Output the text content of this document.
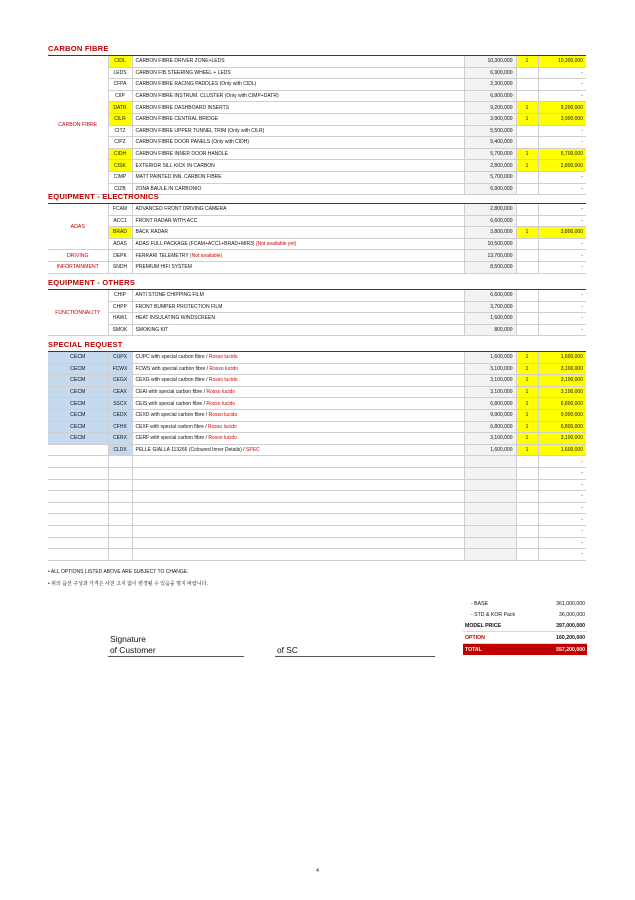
CARBON FIBRE
CARBON FIBRE	CIDL	CARBON FIBRE DRIVER ZONE+LEDS	10,300,000	1	10,300,000
	LEDS	CARBON FIB.STEERING WHEEL + LEDS	6,900,000		-
	CFPA	CARBON FIBRE RACING PADDLES (Only with CIDL)	2,300,000		-
	CIIP	CARBON FIBRE INSTRUM. CLUSTER (Only with CIMP+DATR)	6,900,000		-
	DATR	CARBON FIBRE DASHBOARD INSERTS	9,200,000	1	9,200,000
	CILR	CARBON FIBRE CENTRAL BRIDGE	3,900,000	1	3,900,000
	CITZ	CARBON FIBRE UPPER TUNNEL TRIM (Only with CILR)	5,500,000		-
	CIPZ	CARBON FIBRE DOOR PANELS (Only with CIDH)	9,400,000		-
	CIDH	CARBON FIBRE INNER DOOR HANDLE	5,700,000	1	5,700,000
	CISK	EXTERIOR SILL KICK IN CARBON	2,800,000	1	2,800,000
	CIMP	MATT PAINTED INN. CARBON FIBRE	5,700,000		-
	CIZB	ZONA BAULE IN CARBONIO	6,900,000		-
EQUIPMENT - ELECTRONICS
ADAS	FCAM	ADVANCED FRONT DRIVING CAMERA	2,800,000		-
	ACC1	FRONT RADAR WITH ACC	6,600,000		-
	BRAD	BACK RADAR	3,800,000	1	3,800,000
	ADAS	ADAS FULL PACKAGE (FCAM+ACC1+BRAD+MIR3) (Not available yet)	10,500,000		-
DRIVING	DEPK	FERRARI TELEMETRY (Not available)	13,700,000		-
INFORTAINMENT	SNDH	PREMIUM HIFI SYSTEM	8,500,000		-
EQUIPMENT - OTHERS
FUNCTIONNALITY	CHIP	ANTI STONE CHIPPING FILM	6,600,000		-
	CHPP	FRONT BUMPER PROTECTION FILM	3,700,000		-
	HAW1	HEAT INSULATING WINDSCREEN	1,600,000		-
	SMOK	SMOKING KIT	800,000		-
SPECIAL REQUEST
CECM	CUPX	CUPC with special carbon fibre / Rosso lucido	1,600,000	1	1,600,000
CECM	FCWX	FCWS with special carbon fibre / Rosso lucido	3,100,000	1	3,100,000
CECM	CEGX	CEXG with special carbon fibre / Rosso lucido	3,100,000	1	3,100,000
CECM	CEAX	CEAI with special carbon fibre / Rosso lucido	3,100,000	1	3,100,000
CECM	SSCX	CEIS with special carbon fibre / Rosso lucido	6,800,000	1	6,800,000
CECM	CEDX	CEXD with special carbon fibre / Rosso lucido	9,900,000	1	9,900,000
CECM	CFHX	CEXF with special carbon fibre / Rosso lucido	6,800,000	1	6,800,000
CECM	CERX	CERF with special carbon fibre / Rosso lucido	3,100,000	1	3,100,000
	CLDX	PELLE GIALLA 113266 (Coloured Inner Details) / SPEC	1,600,000	1	1,600,000
					-
					-
					-
					-
					-
					-
					-
					-
					-
• ALL OPTIONS LISTED ABOVE ARE SUBJECT TO CHANGE.
• 위의 옵션 구성과 가격은 사전 고지 없이 변경될 수 있음을 명지 바랍니다.
- BASE	361,000,000
- STD & KOR Pack	36,000,000
MODEL PRICE	397,000,000
OPTION	160,200,000
TOTAL	557,200,000
Signature
of Customer	of SC
4
